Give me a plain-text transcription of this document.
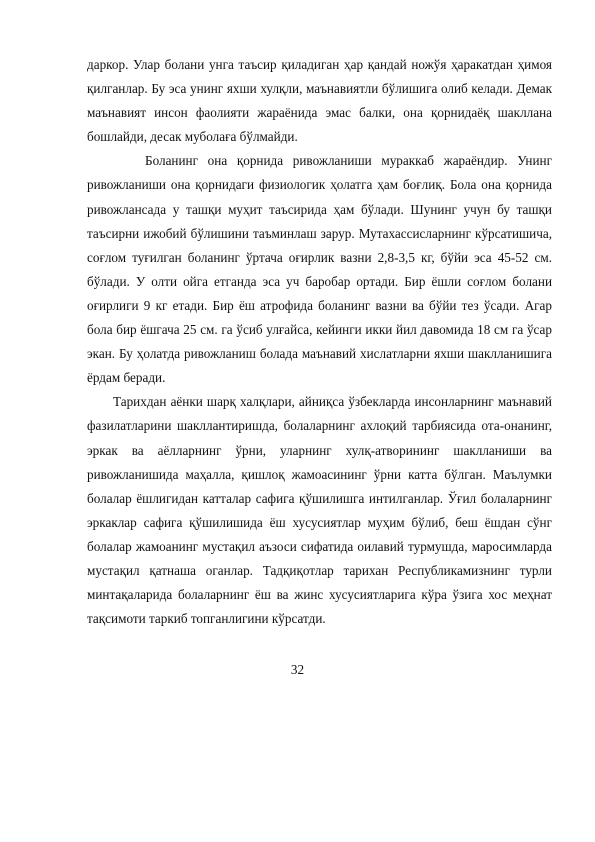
даркор. Улар болани унга таъсир қиладиган ҳар қандай ножўя ҳаракатдан ҳимоя қилганлар. Бу эса унинг яхши хулқли, маънавиятли бўлишига олиб келади. Демак маънавият инсон фаолияти жараёнида эмас балки, она қорнидаёқ шакллана бошлайди, десак муболаға бўлмайди.

Боланинг она қорнида ривожланиши мураккаб жараёндир. Унинг ривожланиши она қорнидаги физиологик ҳолатга ҳам боғлиқ. Бола она қорнида ривожлансада у ташқи муҳит таъсирида ҳам бўлади. Шунинг учун бу ташқи таъсирни ижобий бўлишини таъминлаш зарур. Мутахассисларнинг кўрсатишича, соғлом туғилган боланинг ўртача оғирлик вазни 2,8-3,5 кг, бўйи эса 45-52 см. бўлади. У олти ойга етганда эса уч баробар ортади. Бир ёшли соғлом болани оғирлиги 9 кг етади. Бир ёш атрофида боланинг вазни ва бўйи тез ўсади. Агар бола бир ёшгача 25 см. га ўсиб улғайса, кейинги икки йил давомида 18 см га ўсар экан. Бу ҳолатда ривожланиш болада маънавий хислатларни яхши шаклланишига ёрдам беради.

Тарихдан аёнки шарқ халқлари, айниқса ўзбекларда инсонларнинг маънавий фазилатларини шакллантиришда, болаларнинг ахлоқий тарбиясида ота-онанинг, эркак ва аёлларнинг ўрни, уларнинг хулқ-атворининг шаклланиши ва ривожланишида маҳалла, қишлоқ жамоасининг ўрни катта бўлган. Маълумки болалар ёшлигидан катталар сафига қўшилишга интилганлар. Ўғил болаларнинг эркаклар сафига қўшилишида ёш хусусиятлар муҳим бўлиб, беш ёшдан сўнг болалар жамоанинг мустақил аъзоси сифатида оилавий турмушда, маросимларда мустақил қатнаша оганлар. Тадқиқотлар тарихан Республикамизнинг турли минтақаларида болаларнинг ёш ва жинс хусусиятларига кўра ўзига хос меҳнат тақсимоти таркиб топганлигини кўрсатди.

32
